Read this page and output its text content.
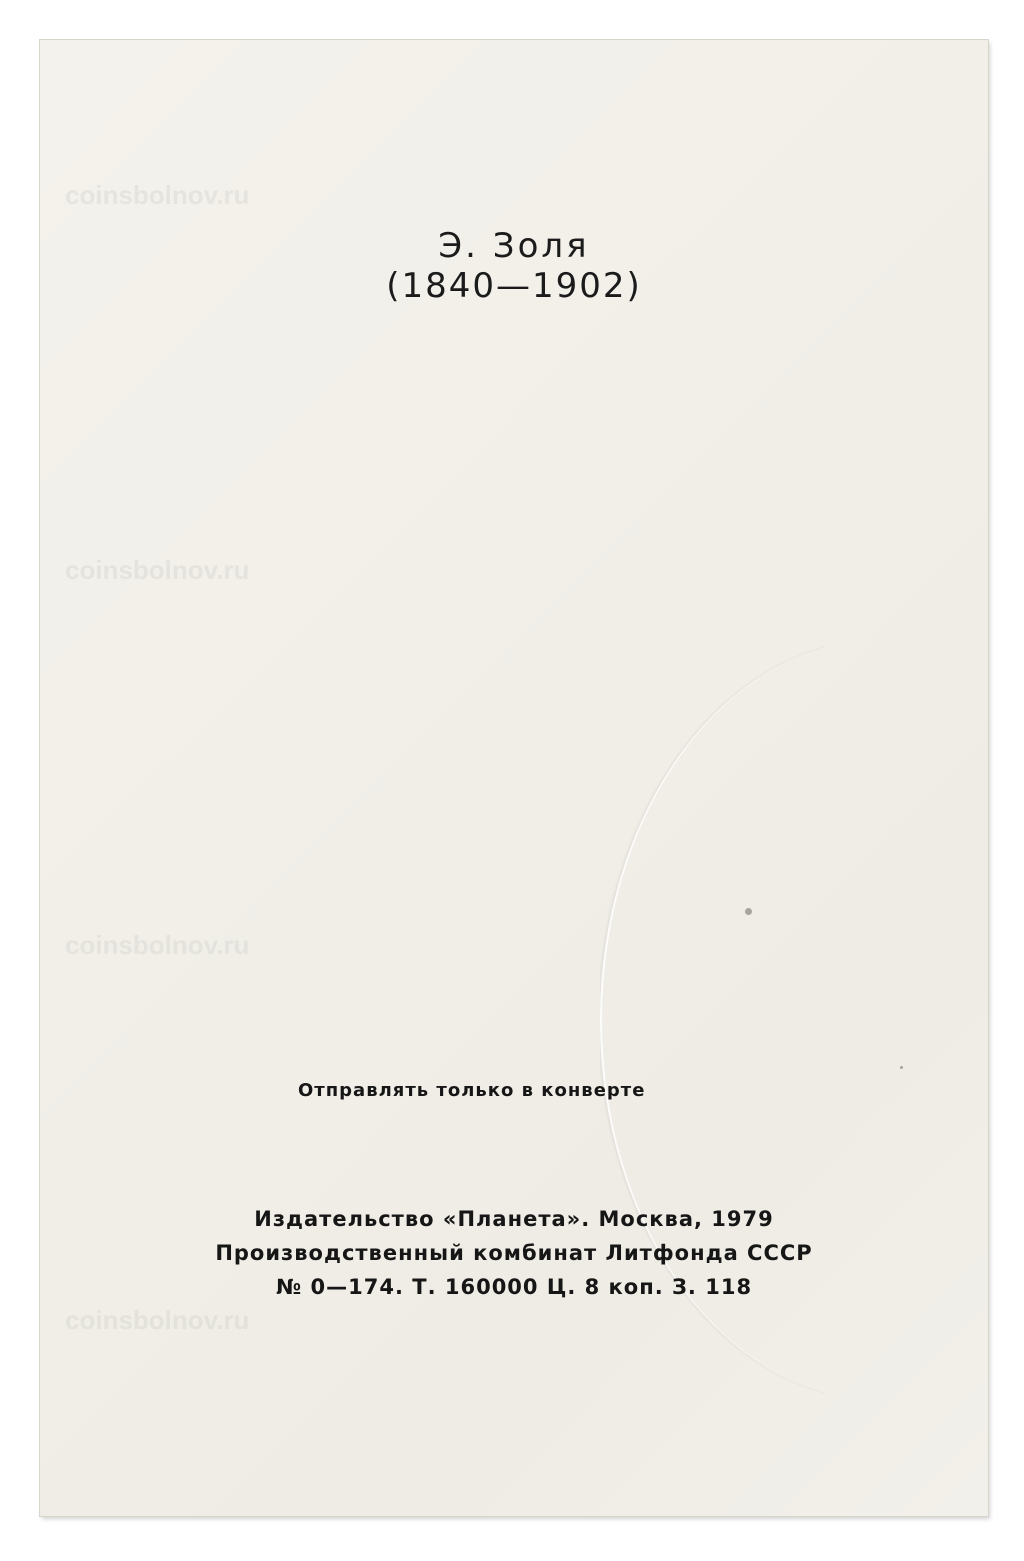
coinsbolnov.ru
coinsbolnov.ru
coinsbolnov.ru
coinsbolnov.ru
Э. Золя
(1840—1902)
Отправлять только в конверте
Издательство «Планета». Москва, 1979
Производственный комбинат Литфонда СССР
№ 0—174. Т. 160000 Ц. 8 коп. З. 118
